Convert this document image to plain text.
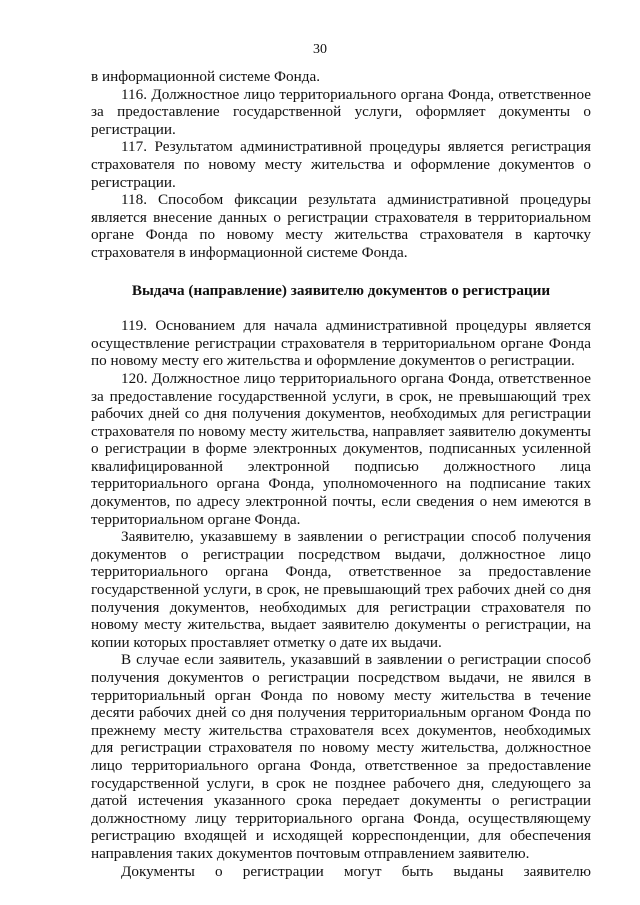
30

в информационной системе Фонда.

116. Должностное лицо территориального органа Фонда, ответственное за предоставление государственной услуги, оформляет документы о регистрации.

117. Результатом административной процедуры является регистрация страхователя по новому месту жительства и оформление документов о регистрации.

118. Способом фиксации результата административной процедуры является внесение данных о регистрации страхователя в территориальном органе Фонда по новому месту жительства страхователя в карточку страхователя в информационной системе Фонда.

Выдача (направление) заявителю документов о регистрации

119. Основанием для начала административной процедуры является осуществление регистрации страхователя в территориальном органе Фонда по новому месту его жительства и оформление документов о регистрации.

120. Должностное лицо территориального органа Фонда, ответственное за предоставление государственной услуги, в срок, не превышающий трех рабочих дней со дня получения документов, необходимых для регистрации страхователя по новому месту жительства, направляет заявителю документы о регистрации в форме электронных документов, подписанных усиленной квалифицированной электронной подписью должностного лица территориального органа Фонда, уполномоченного на подписание таких документов, по адресу электронной почты, если сведения о нем имеются в территориальном органе Фонда.

Заявителю, указавшему в заявлении о регистрации способ получения документов о регистрации посредством выдачи, должностное лицо территориального органа Фонда, ответственное за предоставление государственной услуги, в срок, не превышающий трех рабочих дней со дня получения документов, необходимых для регистрации страхователя по новому месту жительства, выдает заявителю документы о регистрации, на копии которых проставляет отметку о дате их выдачи.

В случае если заявитель, указавший в заявлении о регистрации способ получения документов о регистрации посредством выдачи, не явился в территориальный орган Фонда по новому месту жительства в течение десяти рабочих дней со дня получения территориальным органом Фонда по прежнему месту жительства страхователя всех документов, необходимых для регистрации страхователя по новому месту жительства, должностное лицо территориального органа Фонда, ответственное за предоставление государственной услуги, в срок не позднее рабочего дня, следующего за датой истечения указанного срока передает документы о регистрации должностному лицу территориального органа Фонда, осуществляющему регистрацию входящей и исходящей корреспонденции, для обеспечения направления таких документов почтовым отправлением заявителю.

Документы о регистрации могут быть выданы заявителю
